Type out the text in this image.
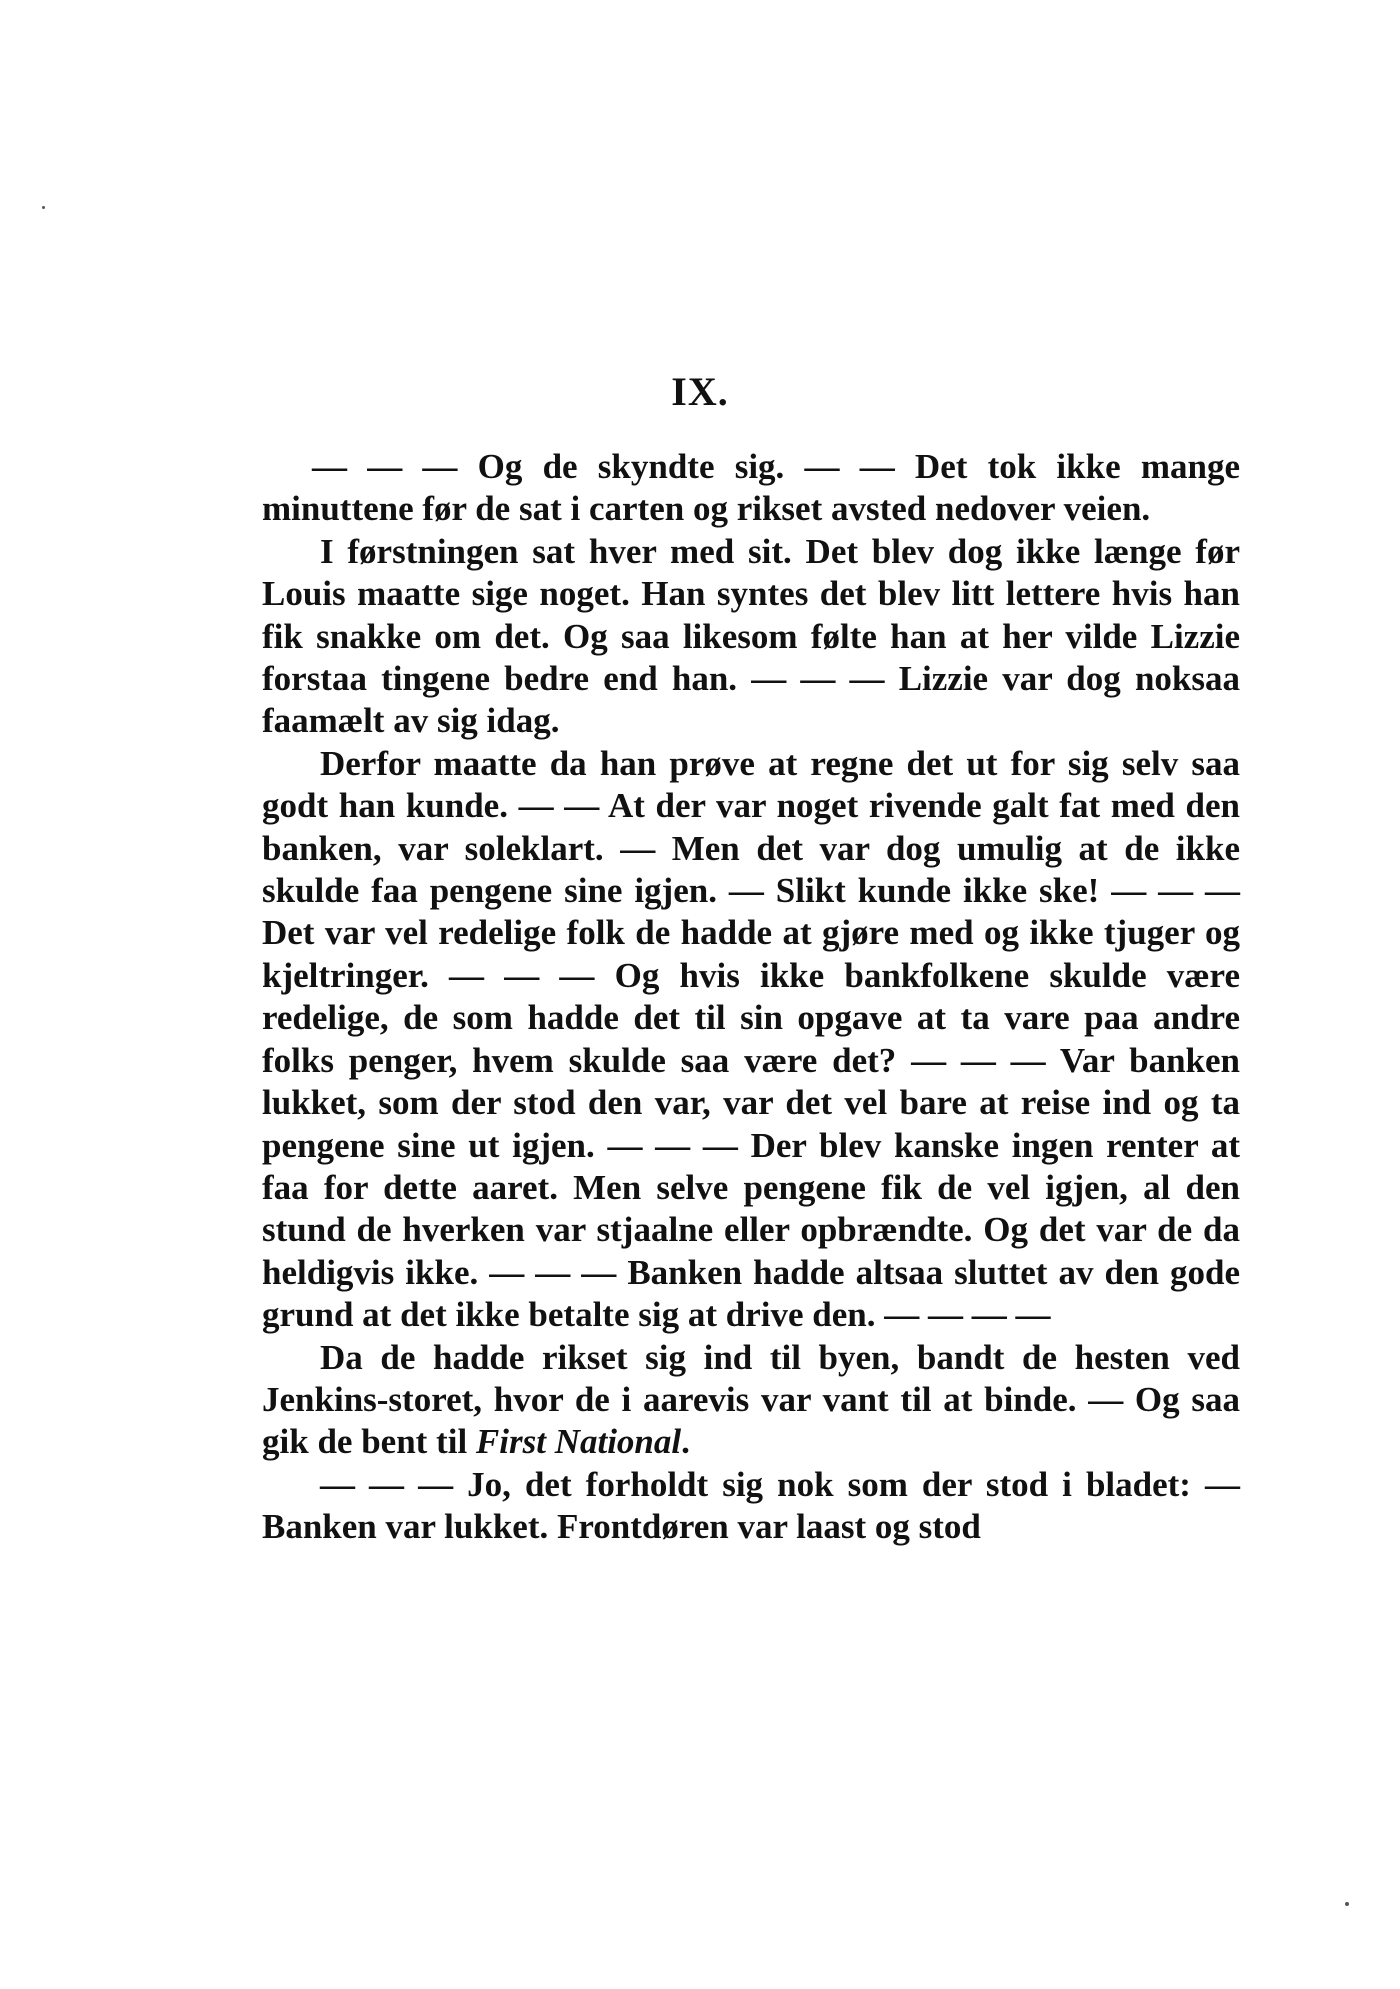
IX.

— — — Og de skyndte sig. — — Det tok ikke mange minuttene før de sat i carten og rikset avsted nedover veien.

I førstningen sat hver med sit. Det blev dog ikke længe før Louis maatte sige noget. Han syntes det blev litt lettere hvis han fik snakke om det. Og saa likesom følte han at her vilde Lizzie forstaa tingene bedre end han. — — — Lizzie var dog noksaa faamælt av sig idag.

Derfor maatte da han prøve at regne det ut for sig selv saa godt han kunde. — — At der var noget rivende galt fat med den banken, var soleklart. — Men det var dog umulig at de ikke skulde faa pengene sine igjen. — Slikt kunde ikke ske! — — — Det var vel redelige folk de hadde at gjøre med og ikke tjuger og kjeltringer. — — — Og hvis ikke bankfolkene skulde være redelige, de som hadde det til sin opgave at ta vare paa andre folks penger, hvem skulde saa være det? — — — Var banken lukket, som der stod den var, var det vel bare at reise ind og ta pengene sine ut igjen. — — — Der blev kanske ingen renter at faa for dette aaret. Men selve pengene fik de vel igjen, al den stund de hverken var stjaalne eller opbrændte. Og det var de da heldigvis ikke. — — — Banken hadde altsaa sluttet av den gode grund at det ikke betalte sig at drive den. — — — —

Da de hadde rikset sig ind til byen, bandt de hesten ved Jenkins-storet, hvor de i aarevis var vant til at binde. — Og saa gik de bent til First National.

— — — Jo, det forholdt sig nok som der stod i bladet: — Banken var lukket. Frontdøren var laast og stod
